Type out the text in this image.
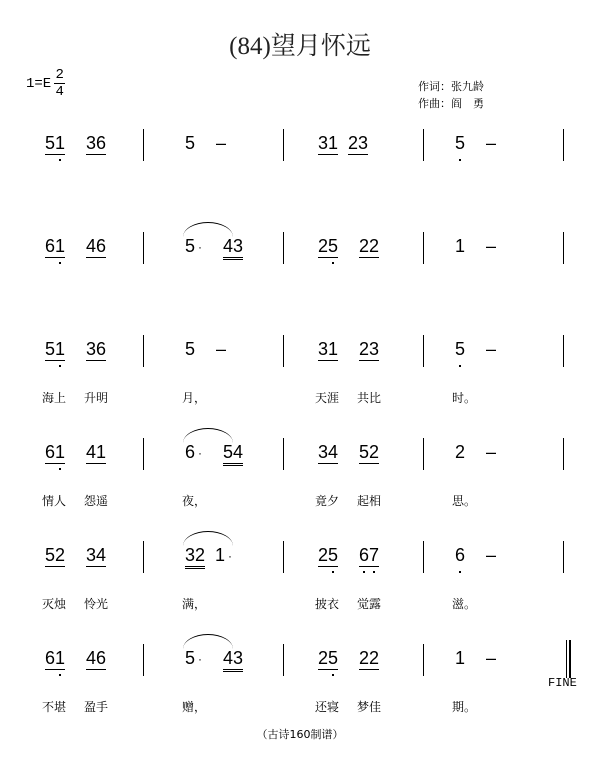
(84)望月怀远
$1=E \frac{2}{4}$	作词：张九龄
作曲：阎　勇
51 36	5 –	31 23	5 –
61 46	5 · 43	25 22	1 –
51 36
海上	升明
5 –
月，
31 23
天涯	共比
5 –
时。
61 41
情人	怨遥
6 · 54
夜，
34 52
竟夕	起相
2 –
思。
52 34
灭烛	怜光
32 1 ·
满，
25 6
7
披衣	觉露
6 –
滋。
61 46
不堪	盈手
5 · 43
赠，
25 22
还寝	梦佳
1 –
期。
FINE
（古诗160制谱）
